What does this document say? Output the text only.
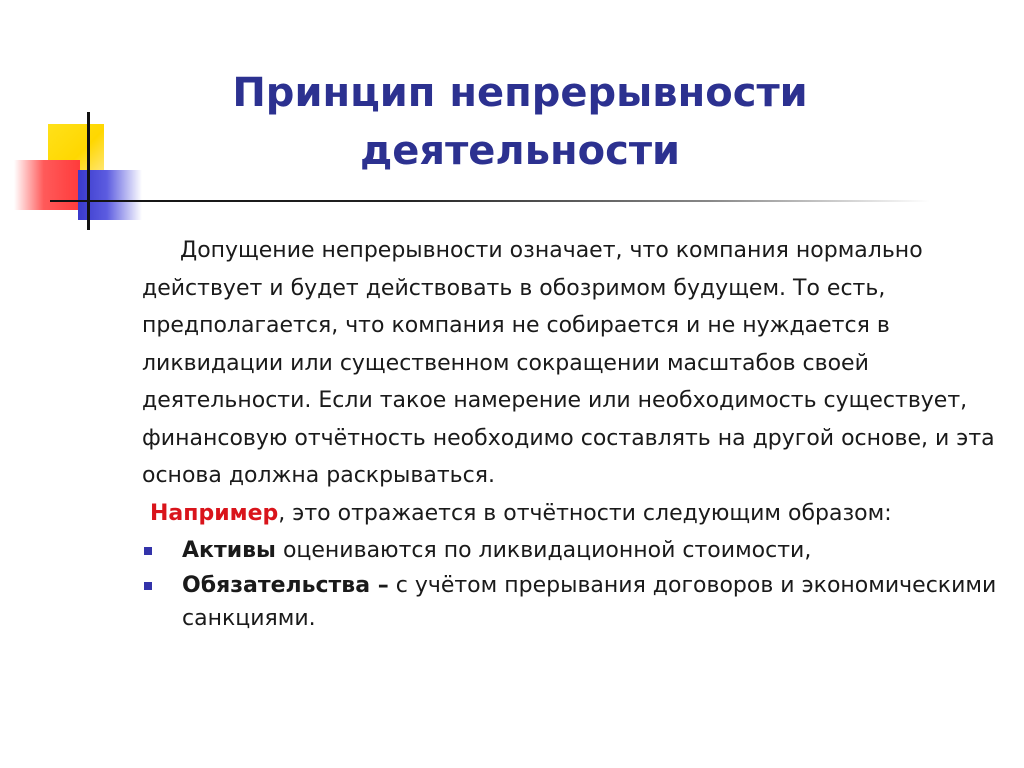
Принцип непрерывности деятельности

Допущение непрерывности означает, что компания нормально действует и будет действовать в обозримом будущем. То есть, предполагается, что компания не собирается и не нуждается в ликвидации или существенном сокращении масштабов своей деятельности. Если такое намерение или необходимость существует, финансовую отчётность необходимо составлять на другой основе, и эта основа должна раскрываться.

Например, это отражается в отчётности следующим образом:

Активы оцениваются по ликвидационной стоимости,
Обязательства – с учётом прерывания договоров и экономическими санкциями.
